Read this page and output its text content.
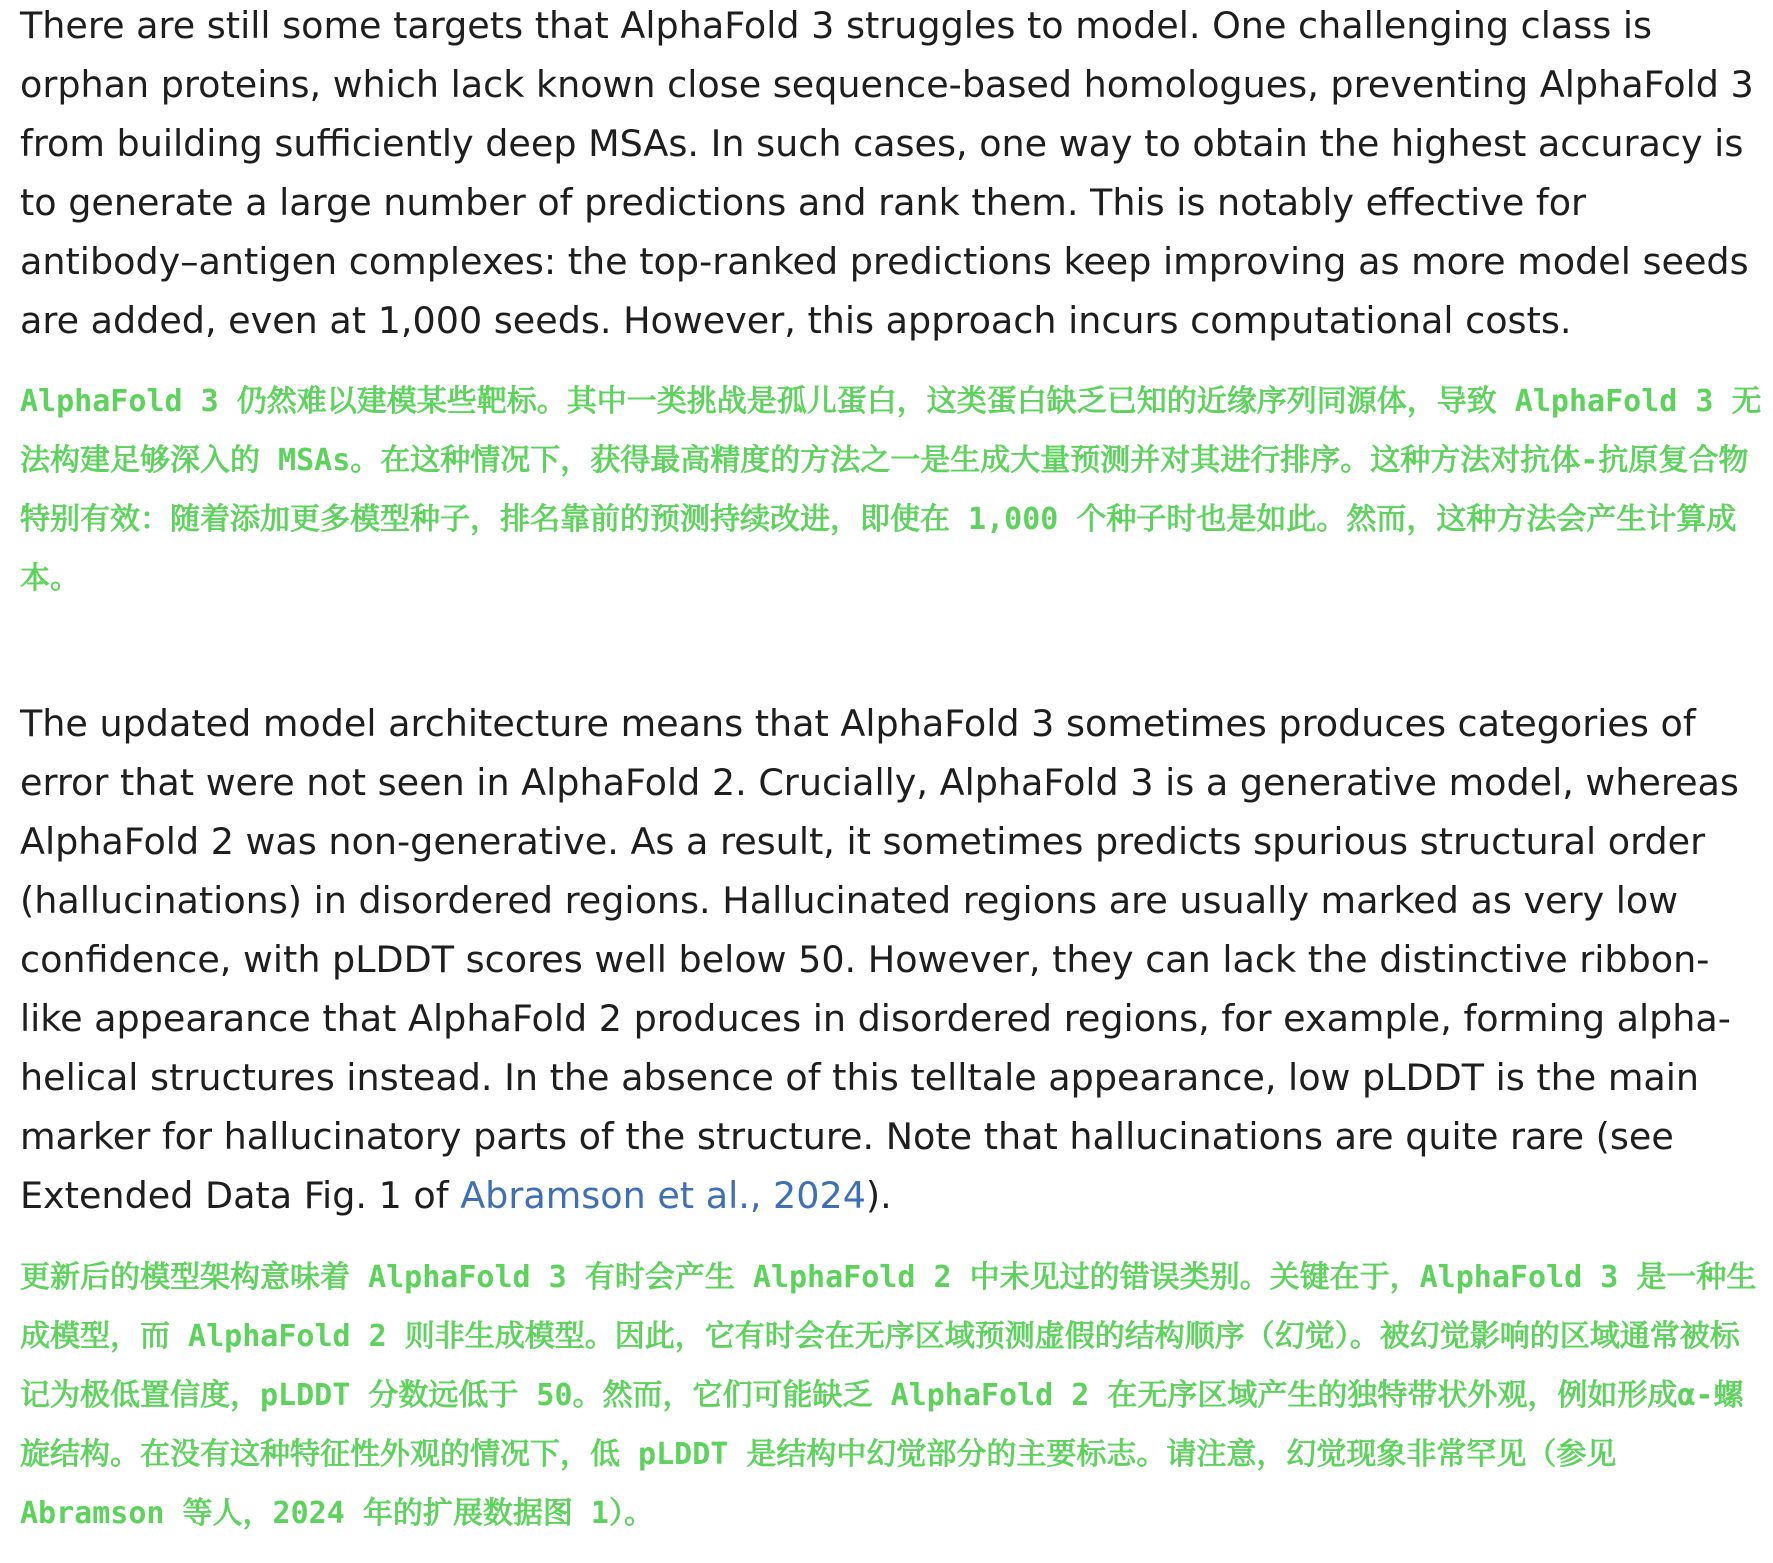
There are still some targets that AlphaFold 3 struggles to model. One challenging class is orphan proteins, which lack known close sequence-based homologues, preventing AlphaFold 3 from building sufficiently deep MSAs. In such cases, one way to obtain the highest accuracy is to generate a large number of predictions and rank them. This is notably effective for antibody–antigen complexes: the top-ranked predictions keep improving as more model seeds are added, even at 1,000 seeds. However, this approach incurs computational costs.

AlphaFold 3 仍然难以建模某些靶标。其中一类挑战是孤儿蛋白，这类蛋白缺乏已知的近缘序列同源体，导致 AlphaFold 3 无法构建足够深入的 MSAs。在这种情况下，获得最高精度的方法之一是生成大量预测并对其进行排序。这种方法对抗体-抗原复合物特别有效：随着添加更多模型种子，排名靠前的预测持续改进，即使在 1,000 个种子时也是如此。然而，这种方法会产生计算成本。

The updated model architecture means that AlphaFold 3 sometimes produces categories of error that were not seen in AlphaFold 2. Crucially, AlphaFold 3 is a generative model, whereas AlphaFold 2 was non-generative. As a result, it sometimes predicts spurious structural order (hallucinations) in disordered regions. Hallucinated regions are usually marked as very low confidence, with pLDDT scores well below 50. However, they can lack the distinctive ribbon-like appearance that AlphaFold 2 produces in disordered regions, for example, forming alpha-helical structures instead. In the absence of this telltale appearance, low pLDDT is the main marker for hallucinatory parts of the structure. Note that hallucinations are quite rare (see Extended Data Fig. 1 of Abramson et al., 2024).

更新后的模型架构意味着 AlphaFold 3 有时会产生 AlphaFold 2 中未见过的错误类别。关键在于，AlphaFold 3 是一种生成模型，而 AlphaFold 2 则非生成模型。因此，它有时会在无序区域预测虚假的结构顺序（幻觉）。被幻觉影响的区域通常被标记为极低置信度，pLDDT 分数远低于 50。然而，它们可能缺乏 AlphaFold 2 在无序区域产生的独特带状外观，例如形成α-螺旋结构。在没有这种特征性外观的情况下，低 pLDDT 是结构中幻觉部分的主要标志。请注意，幻觉现象非常罕见（参见 Abramson 等人，2024 年的扩展数据图 1）。
